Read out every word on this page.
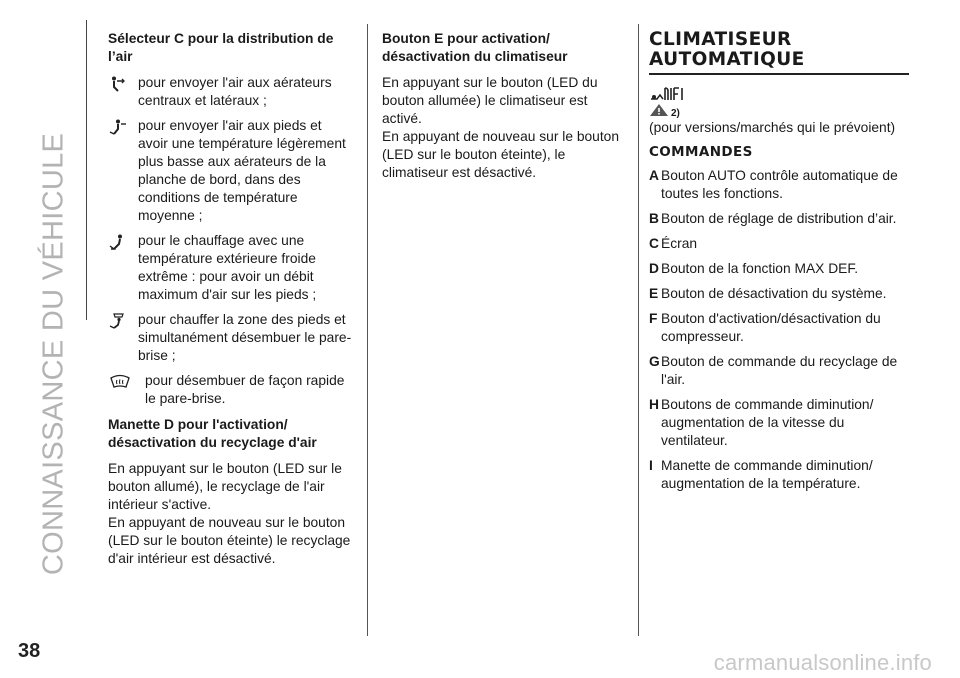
CONNAISSANCE DU VÉHICULE
38
Sélecteur C pour la distribution de l’air
pour envoyer l'air aux aérateurs centraux et latéraux ;
pour envoyer l'air aux pieds et avoir une température légèrement plus basse aux aérateurs de la planche de bord, dans des conditions de température moyenne ;
pour le chauffage avec une température extérieure froide extrême : pour avoir un débit maximum d'air sur les pieds ;
pour chauffer la zone des pieds et simultanément désembuer le pare-brise ;
pour désembuer de façon rapide le pare-brise.
Manette D pour l'activation/ désactivation du recyclage d'air

En appuyant sur le bouton (LED sur le bouton allumé), le recyclage de l'air intérieur s'active.

En appuyant de nouveau sur le bouton (LED sur le bouton éteinte) le recyclage d'air intérieur est désactivé.

Bouton E pour activation/ désactivation du climatiseur

En appuyant sur le bouton (LED du bouton allumée) le climatiseur est activé.

En appuyant de nouveau sur le bouton (LED sur le bouton éteinte), le climatiseur est désactivé.

CLIMATISEUR
AUTOMATIQUE
2)

(pour versions/marchés qui le prévoient)

COMMANDES
A Bouton AUTO contrôle automatique de toutes les fonctions.
B Bouton de réglage de distribution d’air.
C Écran
D Bouton de la fonction MAX DEF.
E Bouton de désactivation du système.
F Bouton d'activation/désactivation du compresseur.
G Bouton de commande du recyclage de l'air.
H Boutons de commande diminution/ augmentation de la vitesse du ventilateur.
I Manette de commande diminution/ augmentation de la température.
carmanualsonline.info
